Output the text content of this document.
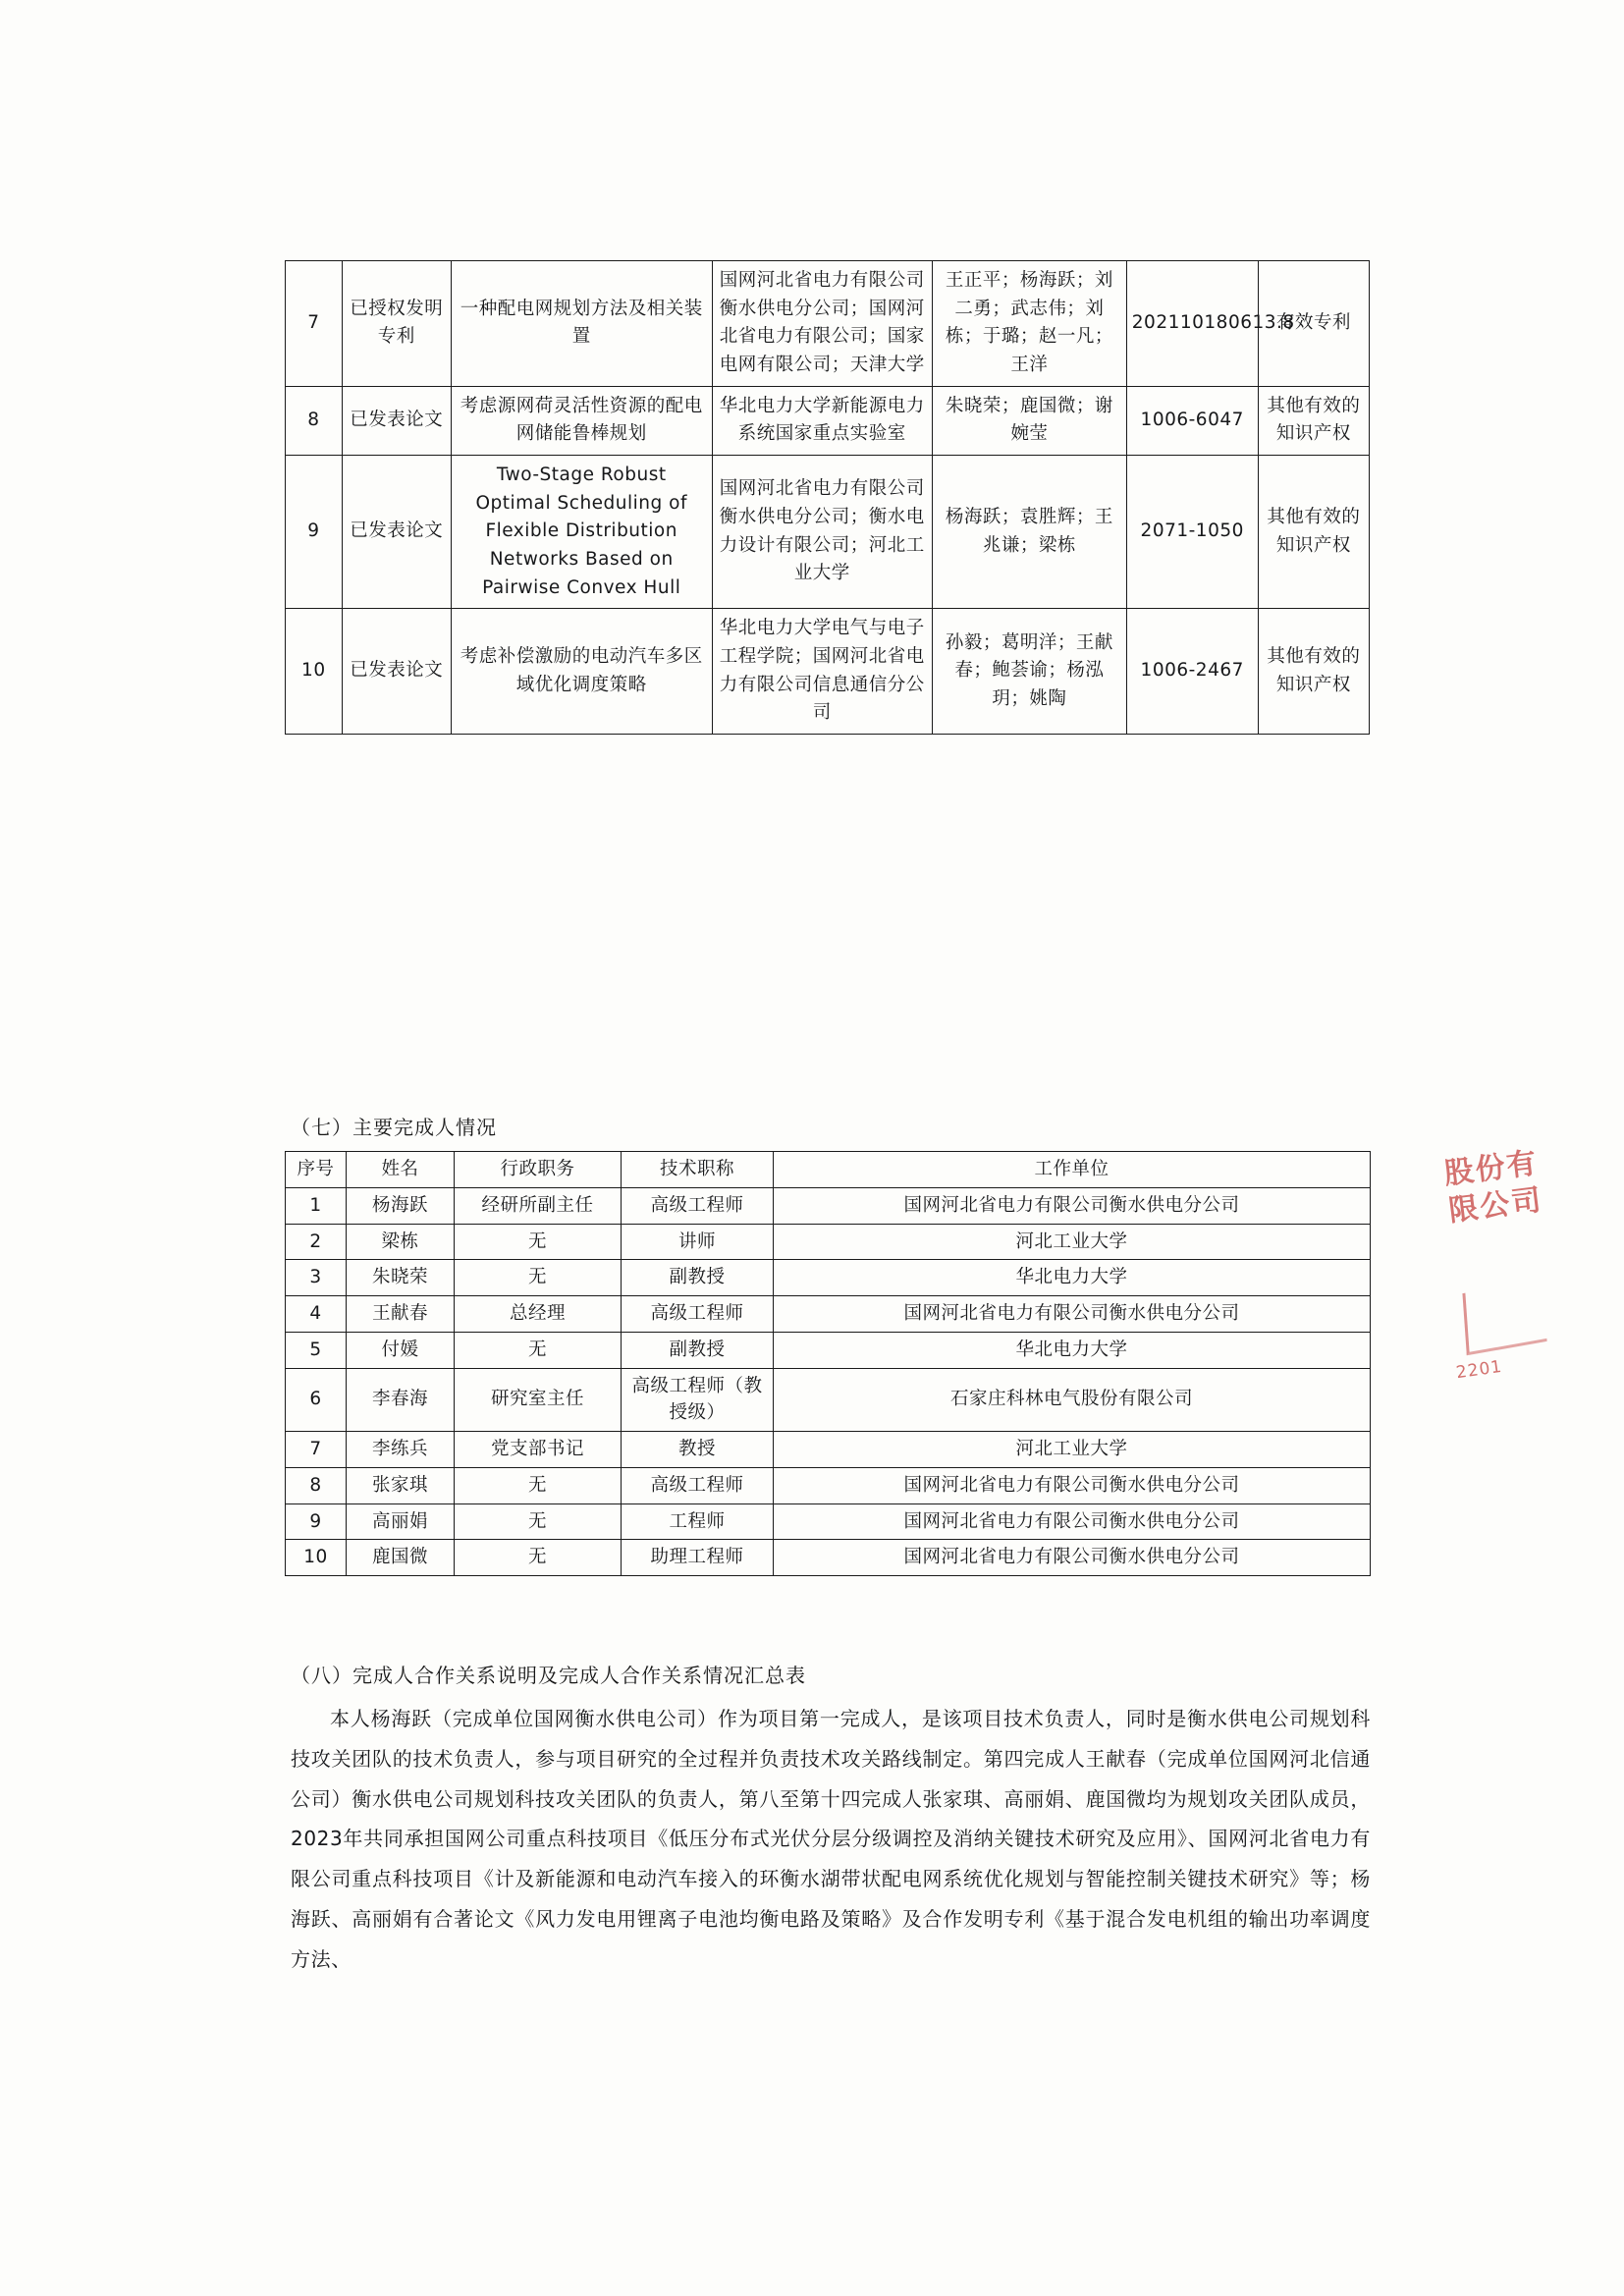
7	已授权发明专利	一种配电网规划方法及相关装置	国网河北省电力有限公司衡水供电分公司；国网河北省电力有限公司；国家电网有限公司；天津大学	王正平；杨海跃；刘二勇；武志伟；刘栋；于璐；赵一凡；王洋	202110180613.8	有效专利
8	已发表论文	考虑源网荷灵活性资源的配电网储能鲁棒规划	华北电力大学新能源电力系统国家重点实验室	朱晓荣；鹿国微；谢婉莹	1006-6047	其他有效的知识产权
9	已发表论文	Two-Stage Robust Optimal Scheduling of Flexible Distribution Networks Based on Pairwise Convex Hull	国网河北省电力有限公司衡水供电分公司；衡水电力设计有限公司；河北工业大学	杨海跃；袁胜辉；王兆谦；梁栋	2071-1050	其他有效的知识产权
10	已发表论文	考虑补偿激励的电动汽车多区域优化调度策略	华北电力大学电气与电子工程学院；国网河北省电力有限公司信息通信分公司	孙毅；葛明洋；王献春；鲍荟谕；杨泓玥；姚陶	1006-2467	其他有效的知识产权
（七）主要完成人情况
序号	姓名	行政职务	技术职称	工作单位
1	杨海跃	经研所副主任	高级工程师	国网河北省电力有限公司衡水供电分公司
2	梁栋	无	讲师	河北工业大学
3	朱晓荣	无	副教授	华北电力大学
4	王献春	总经理	高级工程师	国网河北省电力有限公司衡水供电分公司
5	付媛	无	副教授	华北电力大学
6	李春海	研究室主任	高级工程师（教授级）	石家庄科林电气股份有限公司
7	李练兵	党支部书记	教授	河北工业大学
8	张家琪	无	高级工程师	国网河北省电力有限公司衡水供电分公司
9	高丽娟	无	工程师	国网河北省电力有限公司衡水供电分公司
10	鹿国微	无	助理工程师	国网河北省电力有限公司衡水供电分公司
（八）完成人合作关系说明及完成人合作关系情况汇总表
本人杨海跃（完成单位国网衡水供电公司）作为项目第一完成人，是该项目技术负责人，同时是衡水供电公司规划科技攻关团队的技术负责人，参与项目研究的全过程并负责技术攻关路线制定。第四完成人王献春（完成单位国网河北信通公司）衡水供电公司规划科技攻关团队的负责人，第八至第十四完成人张家琪、高丽娟、鹿国微均为规划攻关团队成员，2023年共同承担国网公司重点科技项目《低压分布式光伏分层分级调控及消纳关键技术研究及应用》、国网河北省电力有限公司重点科技项目《计及新能源和电动汽车接入的环衡水湖带状配电网系统优化规划与智能控制关键技术研究》等；杨海跃、高丽娟有合著论文《风力发电用锂离子电池均衡电路及策略》及合作发明专利《基于混合发电机组的输出功率调度方法、
股份有限公司
2201
